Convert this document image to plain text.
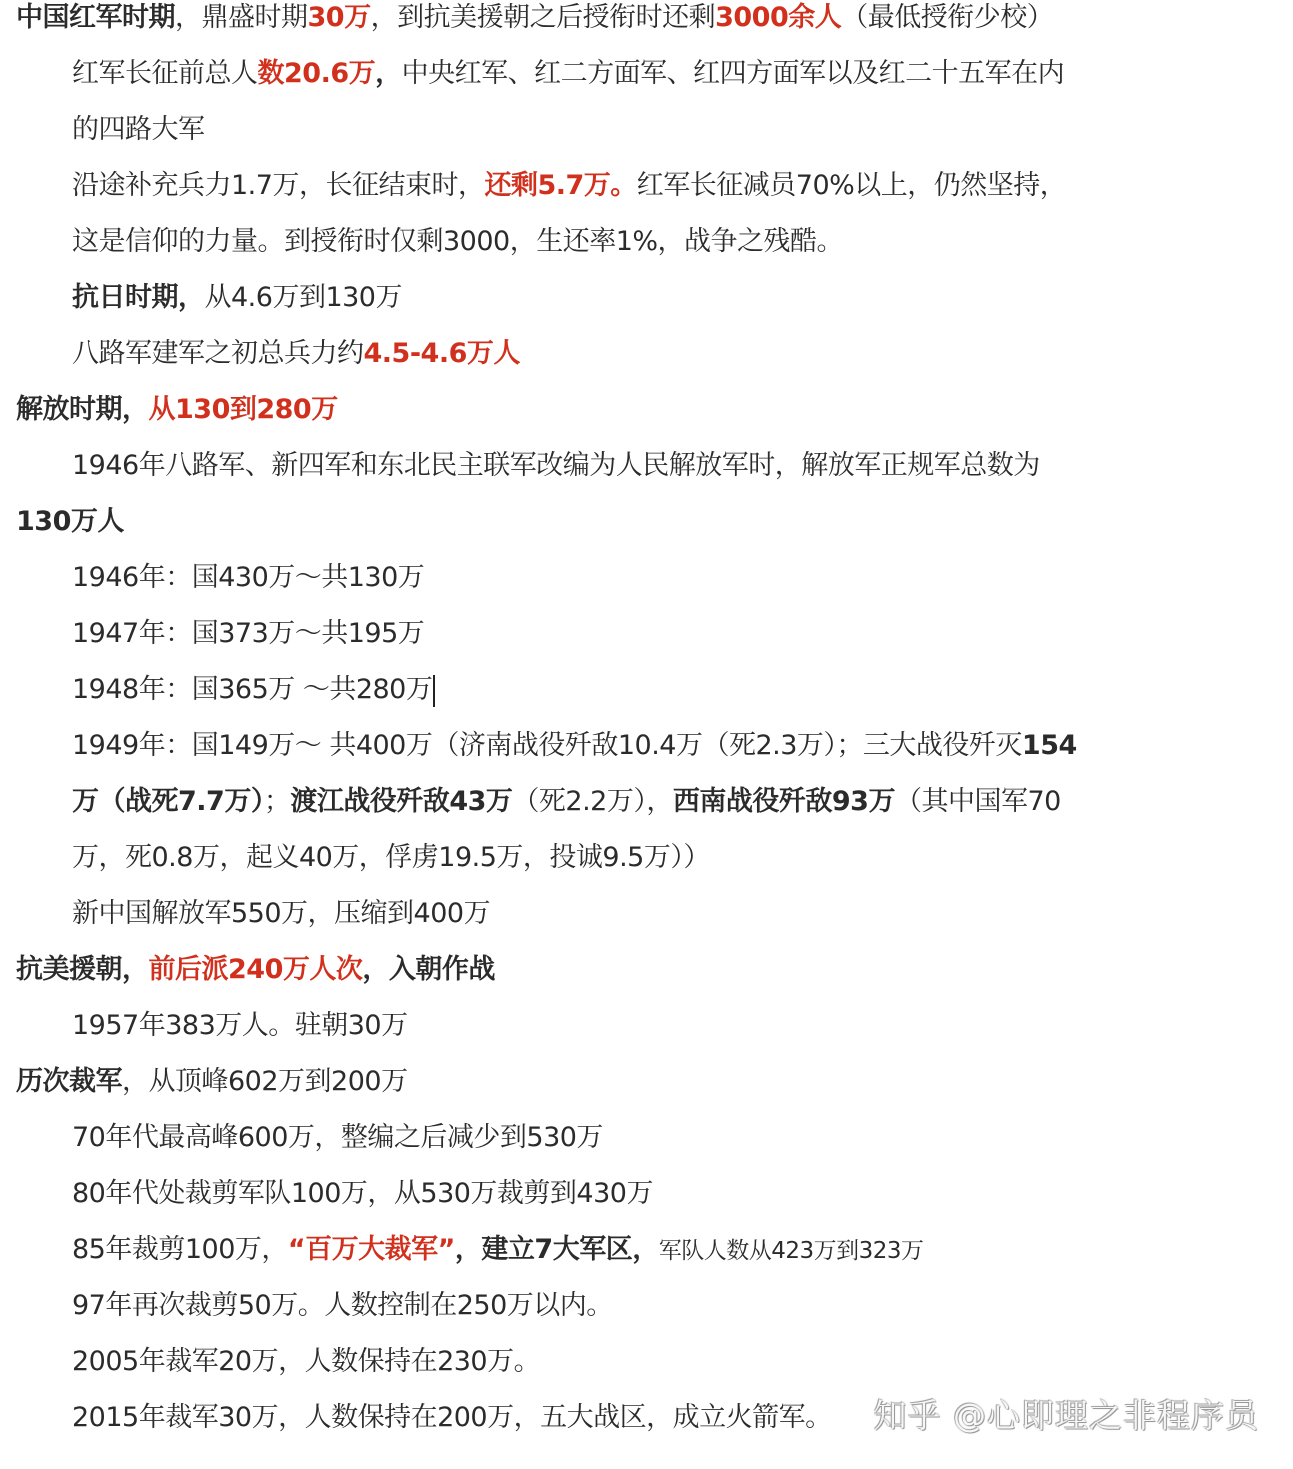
中国红军时期，鼎盛时期30万，到抗美援朝之后授衔时还剩3000余人（最低授衔少校）
红军长征前总人数20.6万，中央红军、红二方面军、红四方面军以及红二十五军在内
的四路大军
沿途补充兵力1.7万，长征结束时，还剩5.7万。红军长征减员70%以上，仍然坚持，
这是信仰的力量。到授衔时仅剩3000，生还率1%，战争之残酷。
抗日时期，从4.6万到130万
八路军建军之初总兵力约4.5-4.6万人
解放时期，从130到280万
1946年八路军、新四军和东北民主联军改编为人民解放军时，解放军正规军总数为
130万人
1946年：国430万～共130万
1947年：国373万～共195万
1948年：国365万 ～共280万
1949年：国149万～ 共400万（济南战役歼敌10.4万（死2.3万）；三大战役歼灭154
万（战死7.7万）；渡江战役歼敌43万（死2.2万），西南战役歼敌93万（其中国军70
万，死0.8万，起义40万，俘虏19.5万，投诚9.5万））
新中国解放军550万，压缩到400万
抗美援朝，前后派240万人次，入朝作战
1957年383万人。驻朝30万
历次裁军，从顶峰602万到200万
70年代最高峰600万，整编之后减少到530万
80年代处裁剪军队100万，从530万裁剪到430万
85年裁剪100万，“百万大裁军”，建立7大军区，军队人数从423万到323万
97年再次裁剪50万。人数控制在250万以内。
2005年裁军20万，人数保持在230万。
2015年裁军30万，人数保持在200万，五大战区，成立火箭军。	知乎 @心即理之非程序员
